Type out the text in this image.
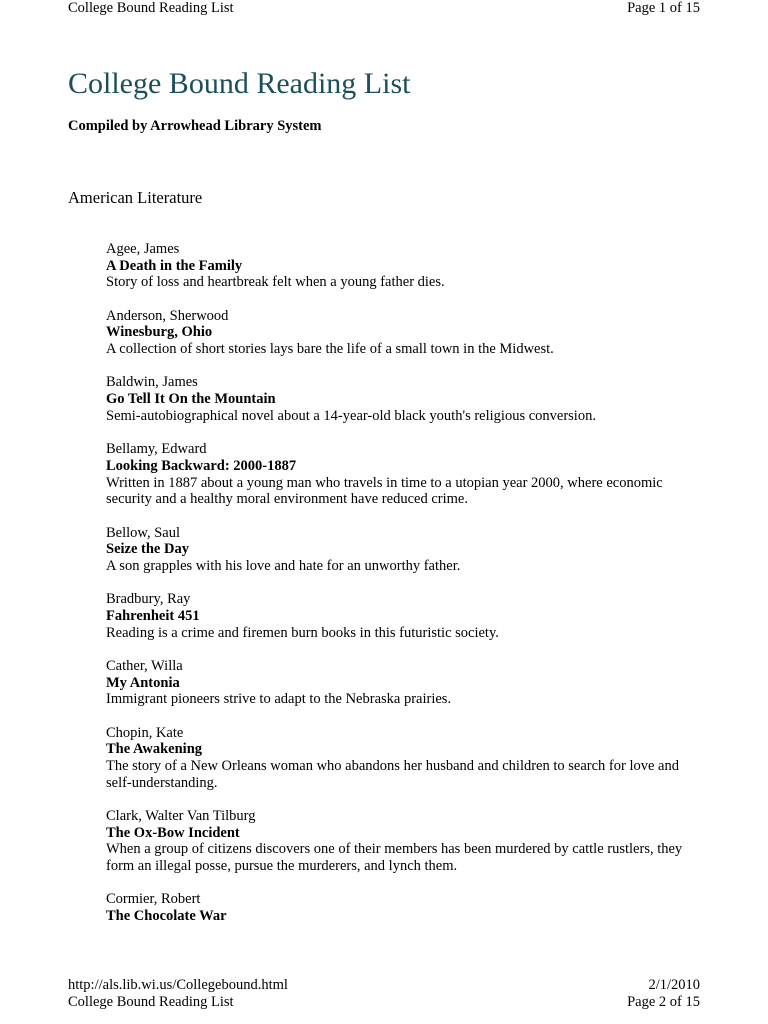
College Bound Reading List	Page 1 of 15
College Bound Reading List
Compiled by Arrowhead Library System
American Literature
Agee, James
A Death in the Family
Story of loss and heartbreak felt when a young father dies.
Anderson, Sherwood
Winesburg, Ohio
A collection of short stories lays bare the life of a small town in the Midwest.
Baldwin, James
Go Tell It On the Mountain
Semi-autobiographical novel about a 14-year-old black youth's religious conversion.
Bellamy, Edward
Looking Backward: 2000-1887
Written in 1887 about a young man who travels in time to a utopian year 2000, where economic security and a healthy moral environment have reduced crime.
Bellow, Saul
Seize the Day
A son grapples with his love and hate for an unworthy father.
Bradbury, Ray
Fahrenheit 451
Reading is a crime and firemen burn books in this futuristic society.
Cather, Willa
My Antonia
Immigrant pioneers strive to adapt to the Nebraska prairies.
Chopin, Kate
The Awakening
The story of a New Orleans woman who abandons her husband and children to search for love and self-understanding.
Clark, Walter Van Tilburg
The Ox-Bow Incident
When a group of citizens discovers one of their members has been murdered by cattle rustlers, they form an illegal posse, pursue the murderers, and lynch them.
Cormier, Robert
The Chocolate War
http://als.lib.wi.us/Collegebound.html	2/1/2010
College Bound Reading List	Page 2 of 15
